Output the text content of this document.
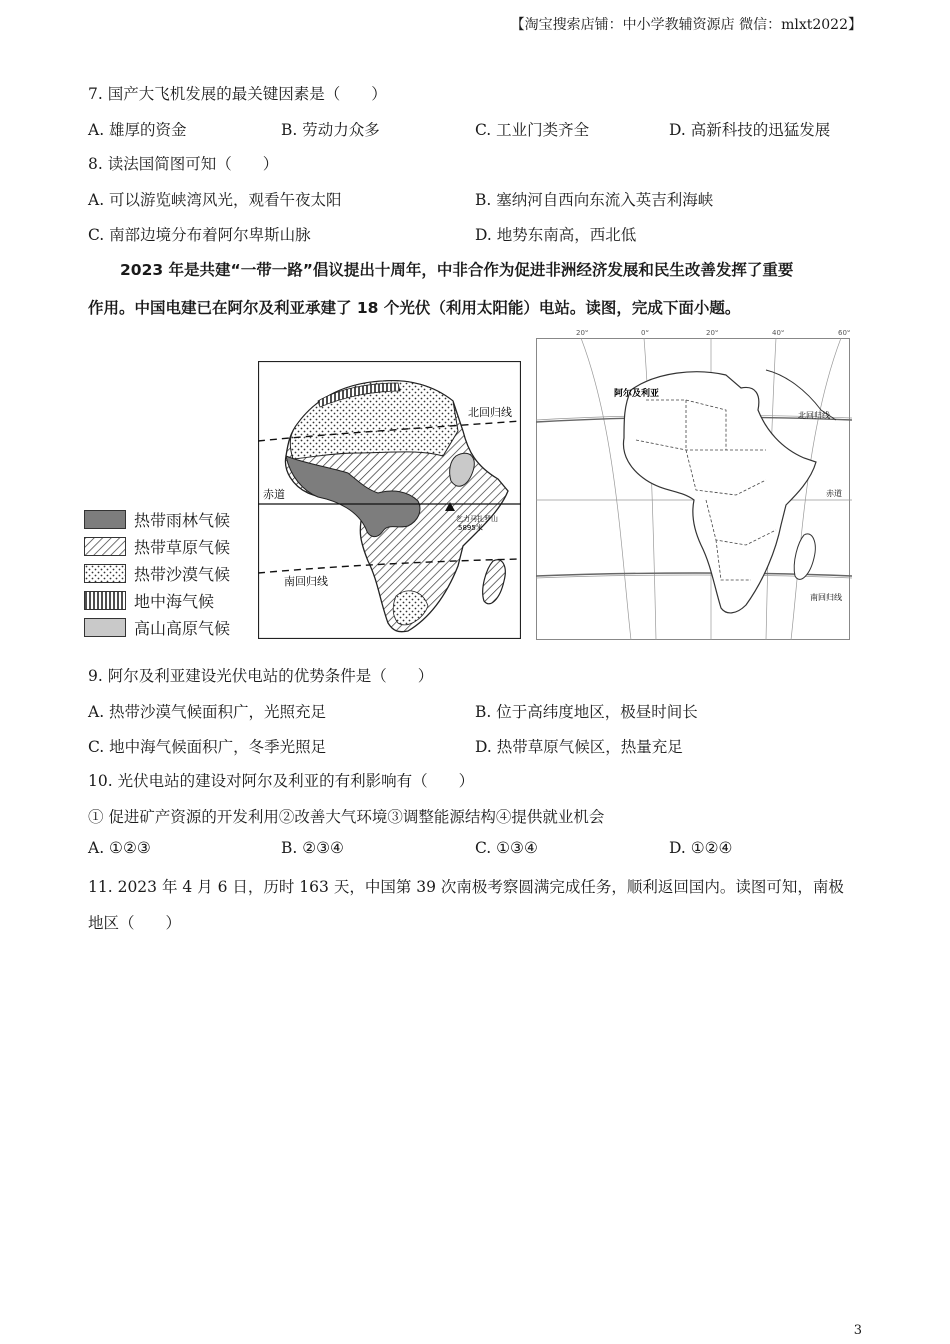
【淘宝搜索店铺：中小学教辅资源店 微信：mlxt2022】
7. 国产大飞机发展的最关键因素是（　　）
A. 雄厚的资金	B. 劳动力众多	C. 工业门类齐全	D. 高新科技的迅猛发展
8. 读法国简图可知（　　）
A. 可以游览峡湾风光，观看午夜太阳	B. 塞纳河自西向东流入英吉利海峡
C. 南部边境分布着阿尔卑斯山脉	D. 地势东南高，西北低
2023 年是共建“一带一路”倡议提出十周年，中非合作为促进非洲经济发展和民生改善发挥了重要
作用。中国电建已在阿尔及利亚承建了 18 个光伏（利用太阳能）电站。读图，完成下面小题。
热带雨林气候
热带草原气候
热带沙漠气候
地中海气候
高山高原气候
乞力马扎罗山
5895米
北回归线
赤道
南回归线
20°	0°	20°	40°	60°
阿尔及利亚
北回归线
赤道
南回归线
9. 阿尔及利亚建设光伏电站的优势条件是（　　）
A. 热带沙漠气候面积广，光照充足	B. 位于高纬度地区，极昼时间长
C. 地中海气候面积广，冬季光照足	D. 热带草原气候区，热量充足
10. 光伏电站的建设对阿尔及利亚的有利影响有（　　）
① 促进矿产资源的开发利用②改善大气环境③调整能源结构④提供就业机会
A. ①②③	B. ②③④	C. ①③④	D. ①②④
11. 2023 年 4 月 6 日，历时 163 天，中国第 39 次南极考察圆满完成任务，顺利返回国内。读图可知，南极
地区（　　）
3
